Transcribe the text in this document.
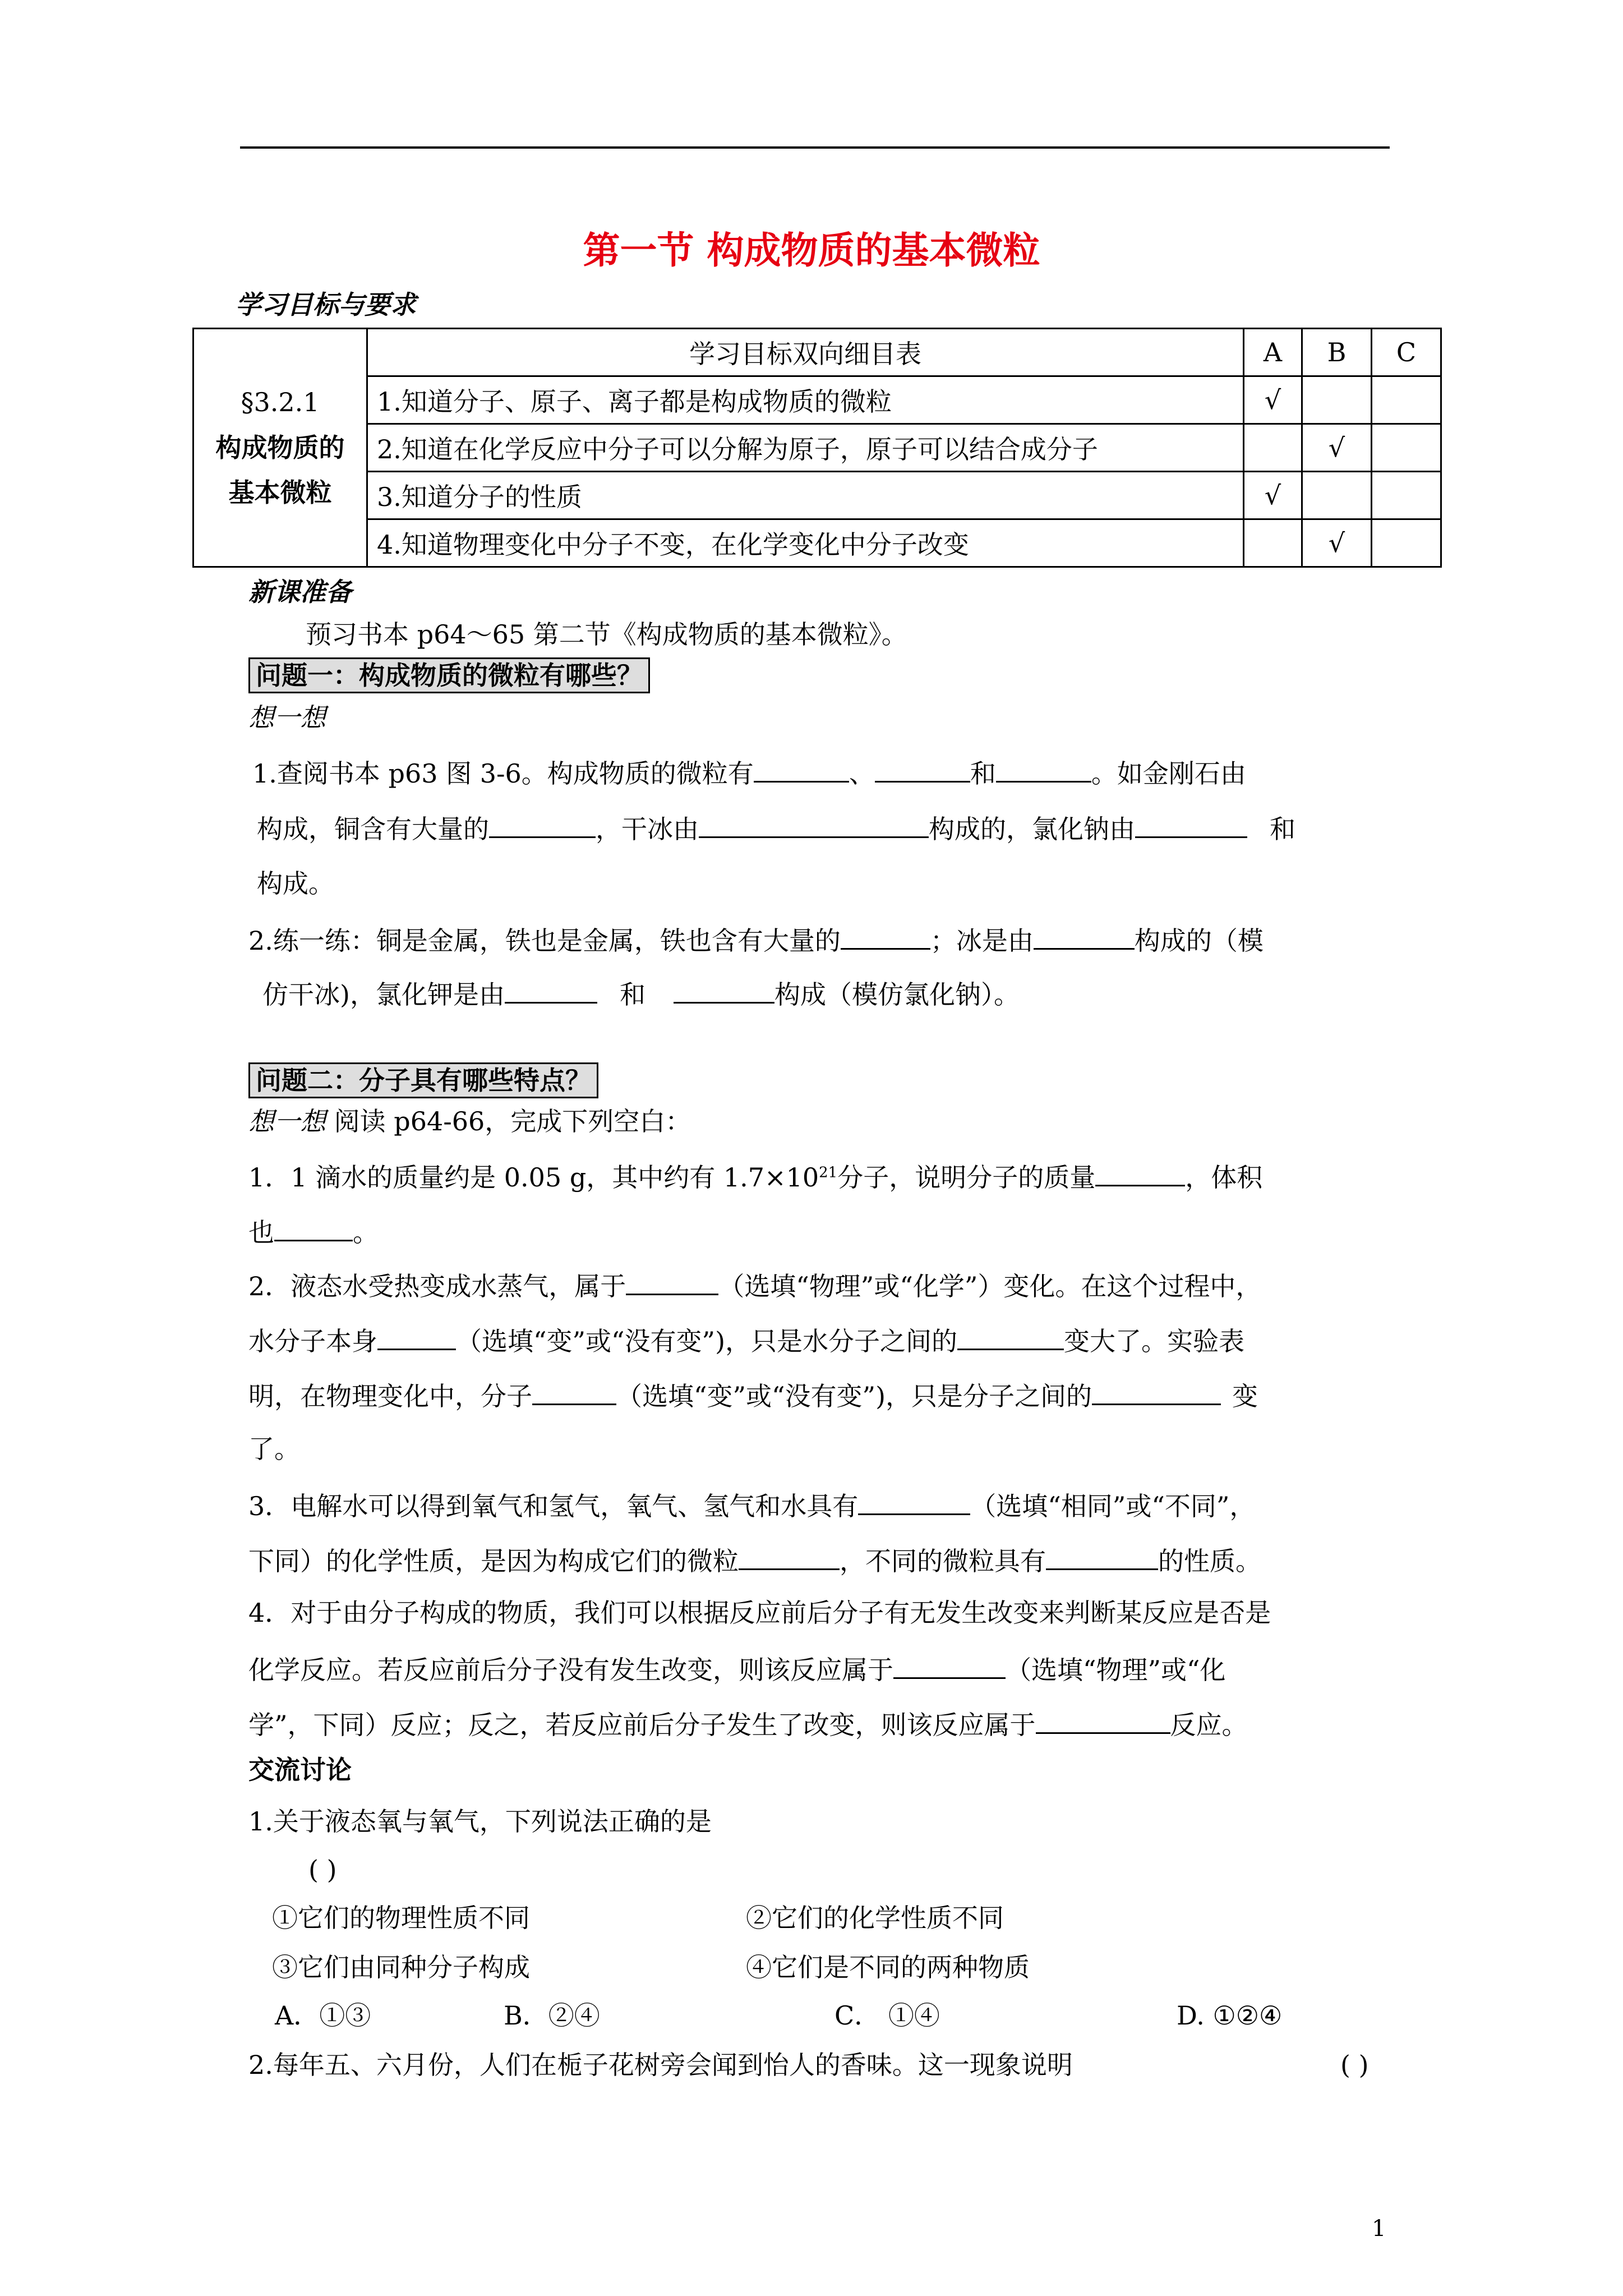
第一节 构成物质的基本微粒
学习目标与要求
§3.2.1
构成物质的
基本微粒	学习目标双向细目表	A	B	C
	1.知道分子、原子、离子都是构成物质的微粒	√		
	2.知道在化学反应中分子可以分解为原子，原子可以结合成分子		√	
	3.知道分子的性质	√		
	4.知道物理变化中分子不变，在化学变化中分子改变		√	
新课准备
预习书本 p64～65 第二节《构成物质的基本微粒》。
问题一：构成物质的微粒有哪些？
想一想
1.查阅书本 p63 图 3-6。构成物质的微粒有	、	和	。如金刚石由
构成，铜含有大量的	，干冰由	构成的，氯化钠由	和
构成。
2.练一练：铜是金属，铁也是金属，铁也含有大量的	；冰是由	构成的（模
仿干冰)，氯化钾是由	和	构成（模仿氯化钠）。
问题二：分子具有哪些特点？
想一想 阅读 p64-66，完成下列空白：
1．1 滴水的质量约是 0.05 g，其中约有 $1.7\times 10^{21}$分子，说明分子的质量	，体积
也	。
2．液态水受热变成水蒸气，属于	（选填“物理”或“化学”）变化。在这个过程中，
水分子本身	（选填“变”或“没有变”)，只是水分子之间的	变大了。实验表
明，在物理变化中，分子	（选填“变”或“没有变”)，只是分子之间的	变
了。
3．电解水可以得到氧气和氢气，氧气、氢气和水具有	（选填“相同”或“不同”，
下同）的化学性质，是因为构成它们的微粒	，不同的微粒具有	的性质。
4．对于由分子构成的物质，我们可以根据反应前后分子有无发生改变来判断某反应是否是
化学反应。若反应前后分子没有发生改变，则该反应属于	（选填“物理”或“化
学”，下同）反应；反之，若反应前后分子发生了改变，则该反应属于	反应。
交流讨论
1.关于液态氧与氧气，下列说法正确的是
( )
①它们的物理性质不同	②它们的化学性质不同
③它们由同种分子构成	④它们是不同的两种物质
A．①③	B．②④	C． ①④	D. ①②④
2.每年五、六月份，人们在栀子花树旁会闻到怡人的香味。这一现象说明	( )
1
